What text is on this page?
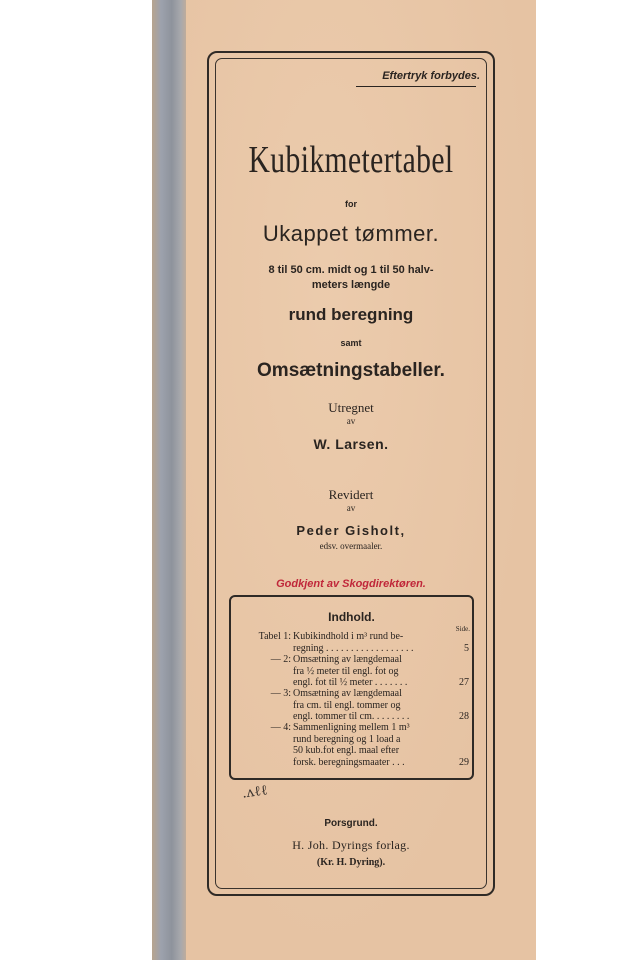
Eftertryk forbydes.
Kubikmetertabel
for
Ukappet tømmer.
8 til 50 cm. midt og 1 til 50 halv-
meters længde
rund beregning
samt
Omsætningstabeller.
Utregnet
av
W. Larsen.
Revidert
av
Peder Gisholt,
edsv. overmaaler.
Godkjent av Skogdirektøren.
Indhold.
Side.
Tabel 1: Kubikindhold i m³ rund be-
regning . . . . . . . . . . . . . . . . . .	5
— 2: Omsætning av længdemaal
fra ½ meter til engl. fot og
engl. fot til ½ meter . . . . . . .	27
— 3: Omsætning av længdemaal
fra cm. til engl. tommer og
engl. tommer til cm. . . . . . . .	28
— 4: Sammenligning mellem 1 m³
rund beregning og 1 load a
50 kub.fot engl. maal efter
forsk. beregningsmaater . . .	29
.ʌℓℓ
Porsgrund.
H. Joh. Dyrings forlag.
(Kr. H. Dyring).
